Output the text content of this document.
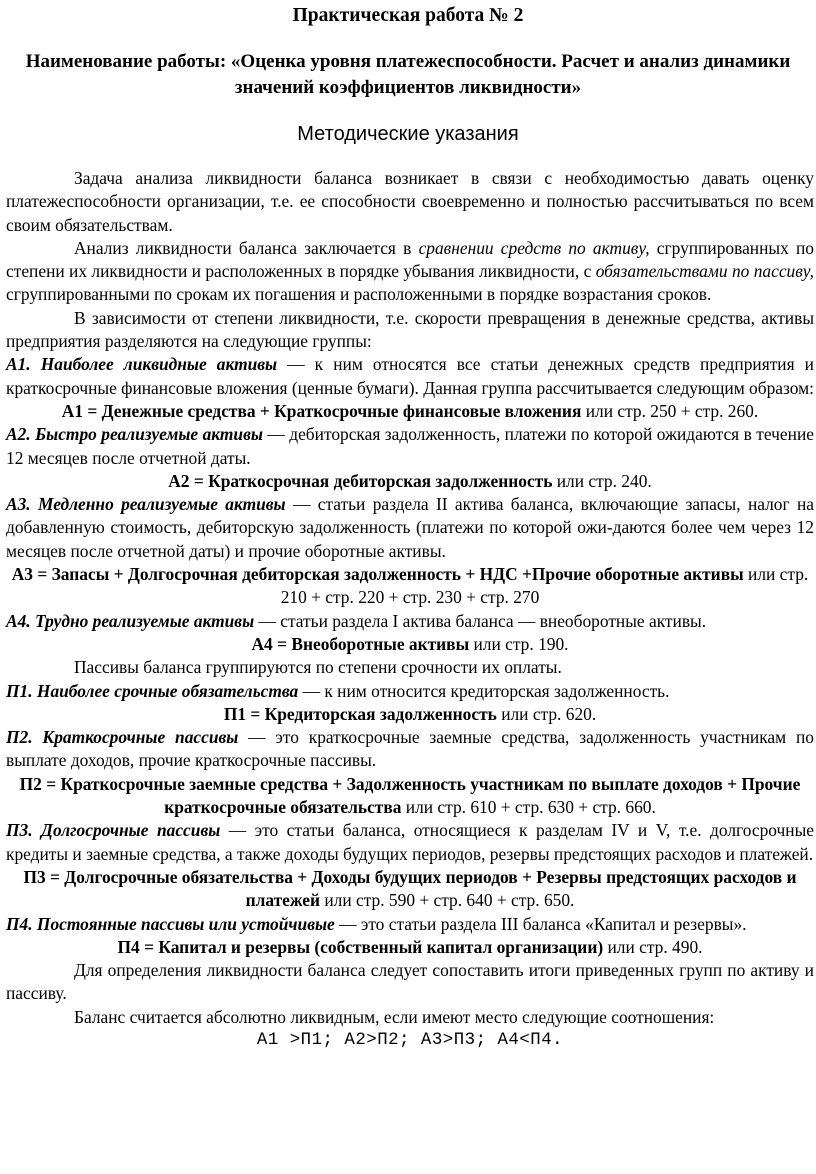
Практическая работа № 2
Наименование работы: «Оценка уровня платежеспособности. Расчет и анализ динамики значений коэффициентов ликвидности»
Методические указания

Задача анализа ликвидности баланса возникает в связи с необходимостью давать оценку платежеспособности организации, т.е. ее способности своевременно и полностью рассчитываться по всем своим обязательствам.

Анализ ликвидности баланса заключается в сравнении средств по активу, сгруппированных по степени их ликвидности и расположенных в порядке убывания ликвидности, с обязательствами по пассиву, сгруппированными по срокам их погашения и расположенными в порядке возрастания сроков.

В зависимости от степени ликвидности, т.е. скорости превращения в денежные средства, активы предприятия разделяются на следующие группы:

А1. Наиболее ликвидные активы — к ним относятся все статьи денежных средств предприятия и краткосрочные финансовые вложения (ценные бумаги). Данная группа рассчитывается следующим образом:

А1 = Денежные средства + Краткосрочные финансовые вложения или стр. 250 + стр. 260.

А2. Быстро реализуемые активы — дебиторская задолженность, платежи по которой ожидаются в течение 12 месяцев после отчетной даты.

А2 = Краткосрочная дебиторская задолженность или стр. 240.

А3. Медленно реализуемые активы — статьи раздела II актива баланса, включающие запасы, налог на добавленную стоимость, дебиторскую задолженность (платежи по которой ожи-даются более чем через 12 месяцев после отчетной даты) и прочие оборотные активы.

А3 = Запасы + Долгосрочная дебиторская задолженность + НДС +Прочие оборотные активы или стр. 210 + стр. 220 + стр. 230 + стр. 270

А4. Трудно реализуемые активы — статьи раздела I актива баланса — внеоборотные активы.

А4 = Внеоборотные активы или стр. 190.

Пассивы баланса группируются по степени срочности их оплаты.

П1. Наиболее срочные обязательства — к ним относится кредиторская задолженность.

П1 = Кредиторская задолженность или стр. 620.

П2. Краткосрочные пассивы — это краткосрочные заемные средства, задолженность участникам по выплате доходов, прочие краткосрочные пассивы.

П2 = Краткосрочные заемные средства + Задолженность участникам по выплате доходов + Прочие краткосрочные обязательства или стр. 610 + стр. 630 + стр. 660.

П3. Долгосрочные пассивы — это статьи баланса, относящиеся к разделам IV и V, т.е. долгосрочные кредиты и заемные средства, а также доходы будущих периодов, резервы предстоящих расходов и платежей.

П3 = Долгосрочные обязательства + Доходы будущих периодов + Резервы предстоящих расходов и платежей или стр. 590 + стр. 640 + стр. 650.

П4. Постоянные пассивы или устойчивые — это статьи раздела III баланса «Капитал и резервы».

П4 = Капитал и резервы (собственный капитал организации) или стр. 490.

Для определения ликвидности баланса следует сопоставить итоги приведенных групп по активу и пассиву.

Баланс считается абсолютно ликвидным, если имеют место следующие соотношения:

А1 >П1; А2>П2; А3>П3; А4<П4.
